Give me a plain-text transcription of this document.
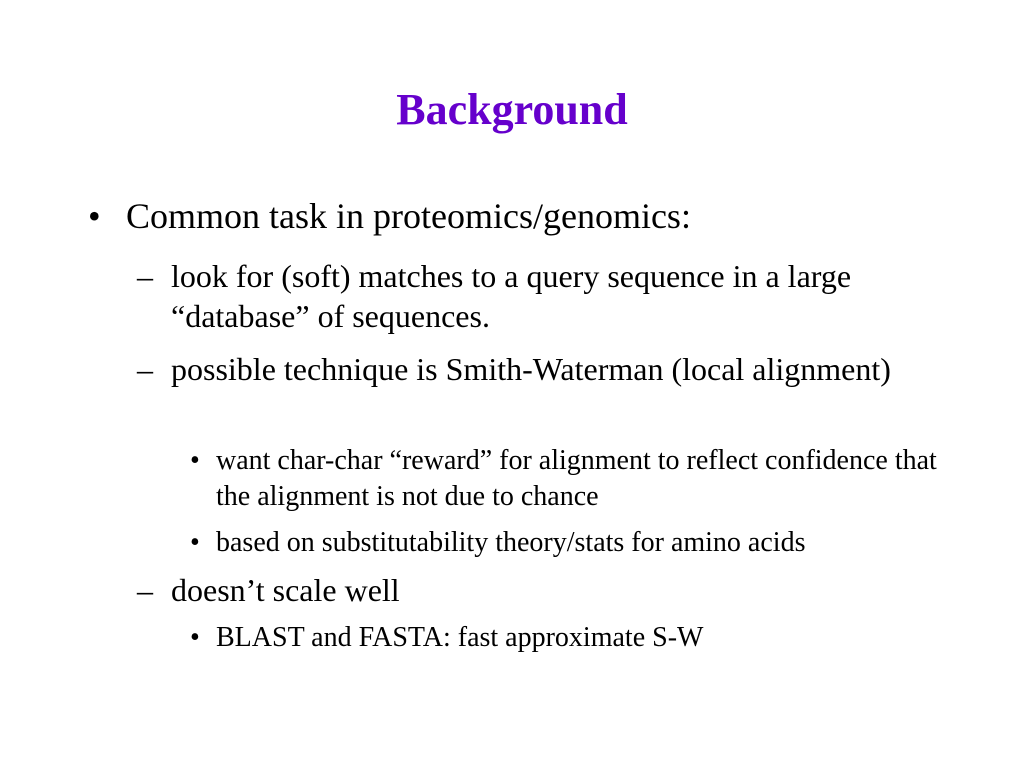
Background
• Common task in proteomics/genomics:
– look for (soft) matches to a query sequence in a large “database” of sequences.
– possible technique is Smith-Waterman (local alignment)
• want char-char “reward” for alignment to reflect confidence that the alignment is not due to chance
• based on substitutability theory/stats for amino acids
– doesn’t scale well
• BLAST and FASTA: fast approximate S-W
